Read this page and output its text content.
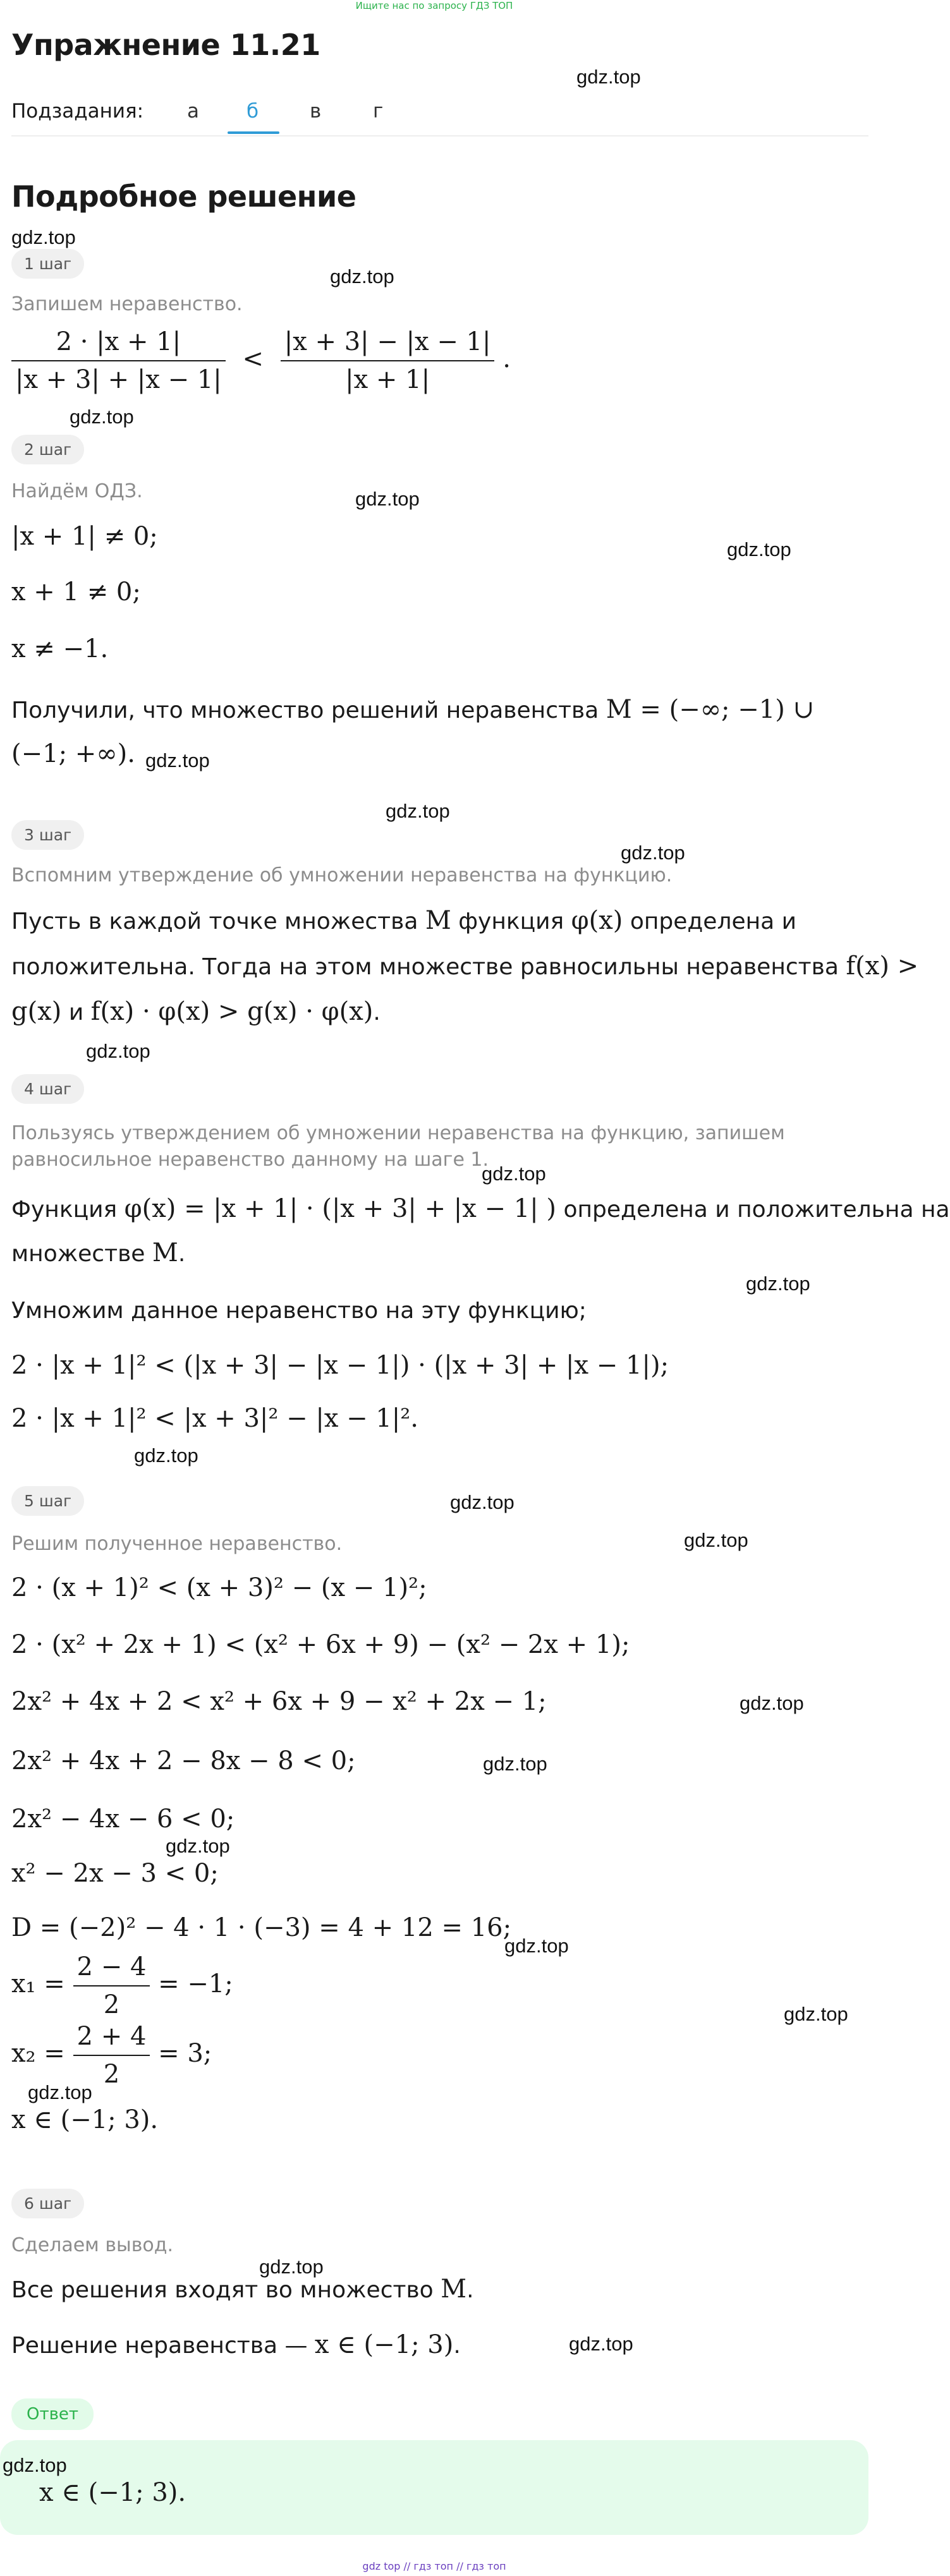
Ищите нас по запросу ГДЗ ТОП
Упражнение 11.21
gdz.top
Подзадания: а б	в	г
Подробное решение
gdz.top
1 шаг
gdz.top
Запишем неравенство.
$\frac{2 \cdot |x + 1|}{|x + 3| + |x - 1|} < \frac{|x + 3| - |x - 1|}{|x + 1|}$ .
gdz.top
2 шаг
Найдём ОДЗ.	gdz.top
|x + 1| ≠ 0;	gdz.top
x + 1 ≠ 0;
x ≠ −1.
Получили, что множество решений неравенства M = (−∞; −1) ∪
(−1; +∞). gdz.top
gdz.top
3 шаг
gdz.top
Вспомним утверждение об умножении неравенства на функцию.
Пусть в каждой точке множества M функция φ(x) определена и
положительна. Тогда на этом множестве равносильны неравенства f(x) >
g(x) и f(x) · φ(x) > g(x) · φ(x).
gdz.top
4 шаг
Пользуясь утверждением об умножении неравенства на функцию, запишем
равносильное неравенство данному на шаге 1.
gdz.top
Функция φ(x) = |x + 1| · (|x + 3| + |x − 1| ) определена и положительна на
множестве M.
gdz.top
Умножим данное неравенство на эту функцию;
2 · |x + 1|² < (|x + 3| − |x − 1|) · (|x + 3| + |x − 1|);
2 · |x + 1|² < |x + 3|² − |x − 1|².
gdz.top
5 шаг	gdz.top
Решим полученное неравенство.	gdz.top
2 · (x + 1)² < (x + 3)² − (x − 1)²;
2 · (x² + 2x + 1) < (x² + 6x + 9) − (x² − 2x + 1);
2x² + 4x + 2 < x² + 6x + 9 − x² + 2x − 1;	gdz.top
2x² + 4x + 2 − 8x − 8 < 0;	gdz.top
2x² − 4x − 6 < 0;
gdz.top
x² − 2x − 3 < 0;
D = (−2)² − 4 · 1 · (−3) = 4 + 12 = 16;
gdz.top
$x_1 = \frac{2 - 4}{2} = -1$;
gdz.top
$x_2 = \frac{2 + 4}{2} = 3$;
gdz.top
x ∈ (−1; 3).
6 шаг
Сделаем вывод.
gdz.top
Все решения входят во множество M.
gdz.top
Решение неравенства — x ∈ (−1; 3).
Ответ
gdz.top
x ∈ (−1; 3).
gdz top // гдз топ // гдз топ
